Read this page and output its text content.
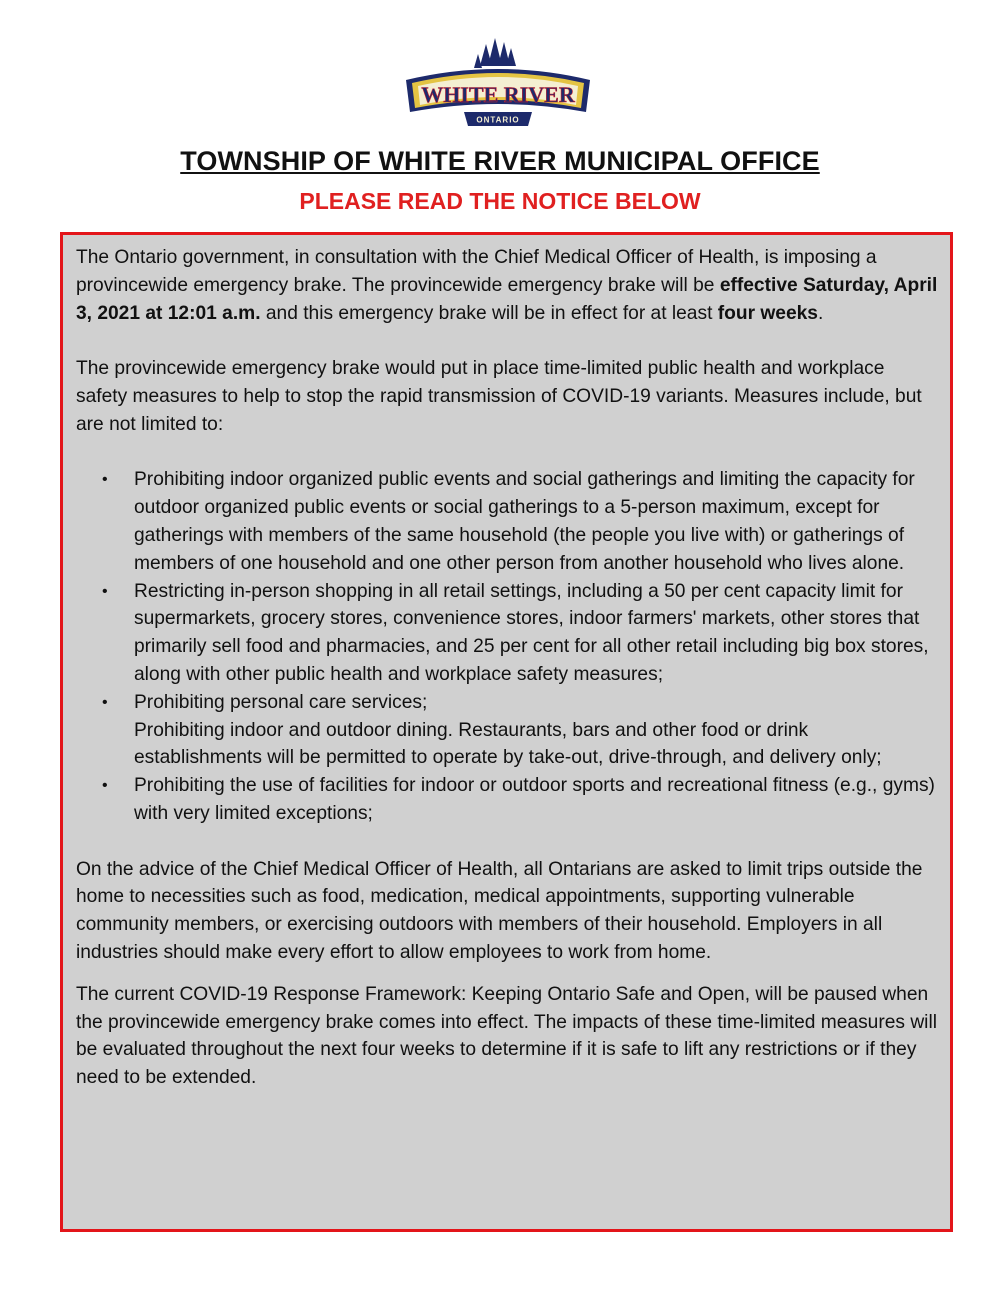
WHITE RIVER
ONTARIO
TOWNSHIP OF WHITE RIVER MUNICIPAL OFFICE
PLEASE READ THE NOTICE BELOW

The Ontario government, in consultation with the Chief Medical Officer of Health, is imposing a provincewide emergency brake. The provincewide emergency brake will be effective Saturday, April 3, 2021 at 12:01 a.m. and this emergency brake will be in effect for at least four weeks.

The provincewide emergency brake would put in place time-limited public health and workplace safety measures to help to stop the rapid transmission of COVID-19 variants. Measures include, but are not limited to:

• Prohibiting indoor organized public events and social gatherings and limiting the capacity for outdoor organized public events or social gatherings to a 5-person maximum, except for gatherings with members of the same household (the people you live with) or gatherings of members of one household and one other person from another household who lives alone.
• Restricting in-person shopping in all retail settings, including a 50 per cent capacity limit for supermarkets, grocery stores, convenience stores, indoor farmers' markets, other stores that primarily sell food and pharmacies, and 25 per cent for all other retail including big box stores, along with other public health and workplace safety measures;
• Prohibiting personal care services;
Prohibiting indoor and outdoor dining. Restaurants, bars and other food or drink establishments will be permitted to operate by take-out, drive-through, and delivery only;
• Prohibiting the use of facilities for indoor or outdoor sports and recreational fitness (e.g., gyms) with very limited exceptions;

On the advice of the Chief Medical Officer of Health, all Ontarians are asked to limit trips outside the home to necessities such as food, medication, medical appointments, supporting vulnerable community members, or exercising outdoors with members of their household. Employers in all industries should make every effort to allow employees to work from home.

The current COVID-19 Response Framework: Keeping Ontario Safe and Open, will be paused when the provincewide emergency brake comes into effect. The impacts of these time-limited measures will be evaluated throughout the next four weeks to determine if it is safe to lift any restrictions or if they need to be extended.
